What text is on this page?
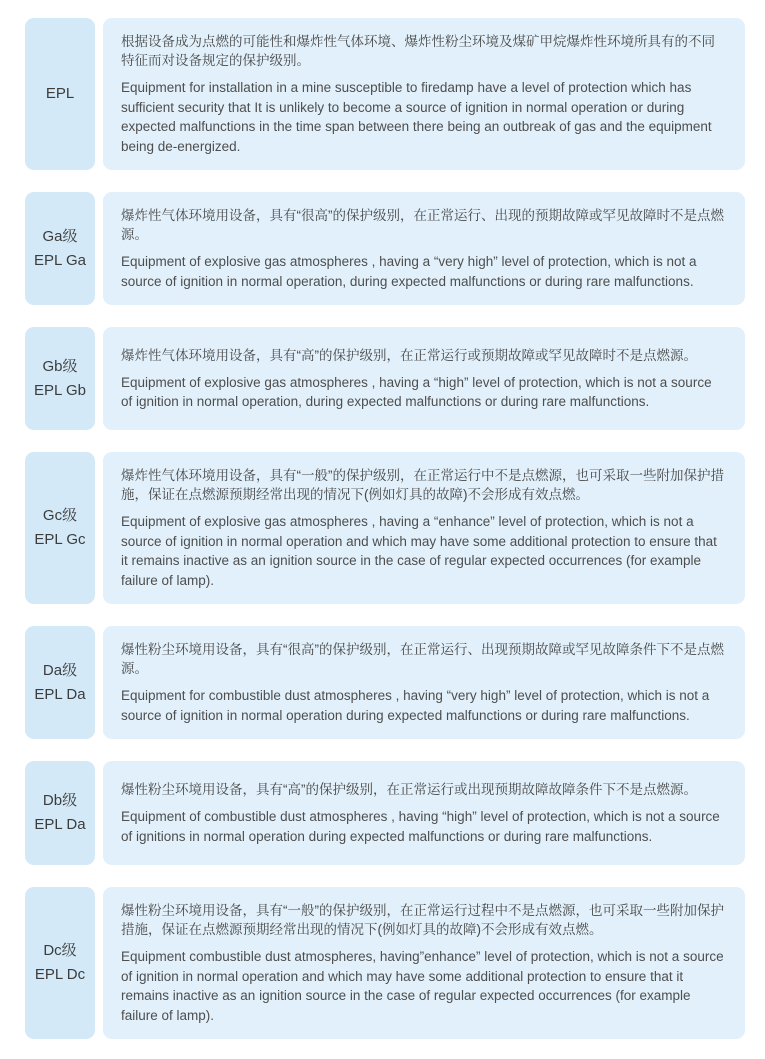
EPL

根据设备成为点燃的可能性和爆炸性气体环境、爆炸性粉尘环境及煤矿甲烷爆炸性环境所具有的不同特征而对设备规定的保护级别。

Equipment for installation in a mine susceptible to firedamp have a level of protection which has sufficient security that It is unlikely to become a source of ignition in normal operation or during expected malfunctions in the time span between there being an outbreak of gas and the equipment being de-energized.

Ga级
EPL Ga

爆炸性气体环境用设备，具有“很高”的保护级别，在正常运行、出现的预期故障或罕见故障时不是点燃源。

Equipment of explosive gas atmospheres , having a “very high” level of protection, which is not a source of ignition in normal operation, during expected malfunctions or during rare malfunctions.

Gb级
EPL Gb

爆炸性气体环境用设备，具有“高”的保护级别，在正常运行或预期故障或罕见故障时不是点燃源。

Equipment of explosive gas atmospheres , having a “high” level of protection, which is not a source of ignition in normal operation, during expected malfunctions or during rare malfunctions.

Gc级
EPL Gc

爆炸性气体环境用设备，具有“一般”的保护级别，在正常运行中不是点燃源，也可采取一些附加保护措施，保证在点燃源预期经常出现的情况下(例如灯具的故障)不会形成有效点燃。

Equipment of explosive gas atmospheres , having a “enhance” level of protection, which is not a source of ignition in normal operation and which may have some additional protection to ensure that it remains inactive as an ignition source in the case of regular expected occurrences (for example failure of lamp).

Da级
EPL Da

爆性粉尘环境用设备，具有“很高”的保护级别，在正常运行、出现预期故障或罕见故障条件下不是点燃源。

Equipment for combustible dust atmospheres , having “very high” level of protection, which is not a source of ignition in normal operation during expected malfunctions or during rare malfunctions.

Db级
EPL Da

爆性粉尘环境用设备，具有“高”的保护级别，在正常运行或出现预期故障故障条件下不是点燃源。

Equipment of combustible dust atmospheres , having “high” level of protection, which is not a source of ignitions in normal operation during expected malfunctions or during rare malfunctions.

Dc级
EPL Dc

爆性粉尘环境用设备，具有“一般”的保护级别，在正常运行过程中不是点燃源，也可采取一些附加保护措施，保证在点燃源预期经常出现的情况下(例如灯具的故障)不会形成有效点燃。

Equipment combustible dust atmospheres, having”enhance” level of protection, which is not a source of ignition in normal operation and which may have some additional protection to ensure that it remains inactive as an ignition source in the case of regular expected occurrences (for example failure of lamp).
